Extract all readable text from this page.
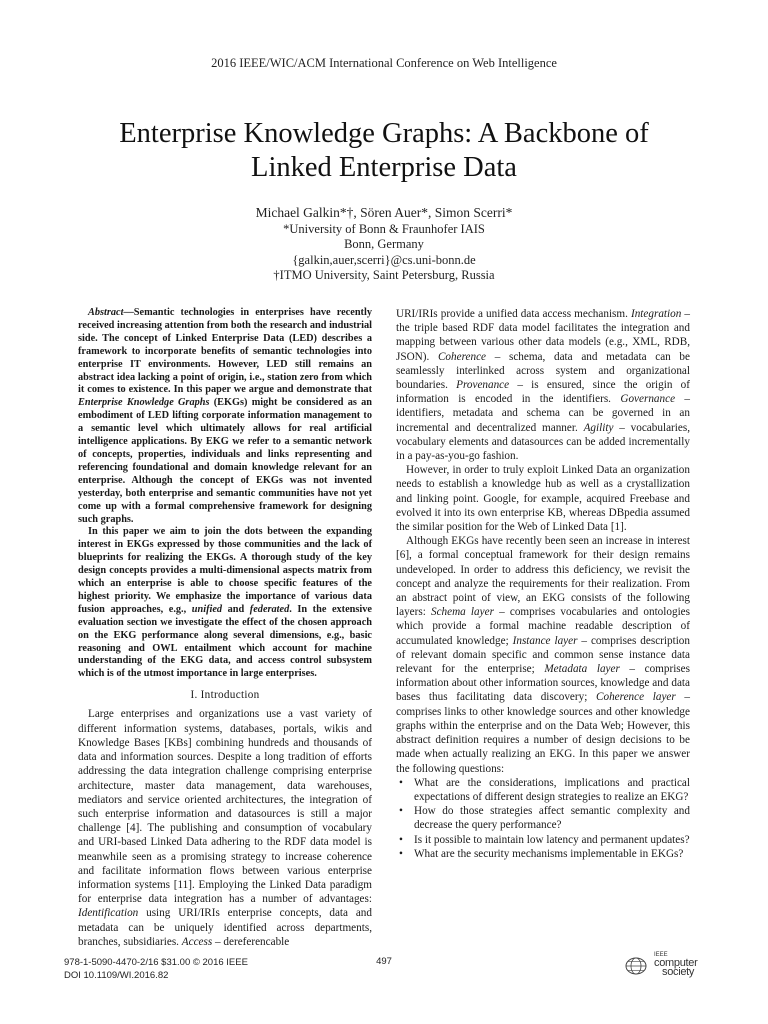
2016 IEEE/WIC/ACM International Conference on Web Intelligence
Enterprise Knowledge Graphs: A Backbone of
Linked Enterprise Data
Michael Galkin*†, Sören Auer*, Simon Scerri*
*University of Bonn & Fraunhofer IAIS
Bonn, Germany
{galkin,auer,scerri}@cs.uni-bonn.de
†ITMO University, Saint Petersburg, Russia

Abstract—Semantic technologies in enterprises have recently received increasing attention from both the research and industrial side. The concept of Linked Enterprise Data (LED) describes a framework to incorporate benefits of semantic technologies into enterprise IT environments. However, LED still remains an abstract idea lacking a point of origin, i.e., station zero from which it comes to existence. In this paper we argue and demonstrate that Enterprise Knowledge Graphs (EKGs) might be considered as an embodiment of LED lifting corporate information management to a semantic level which ultimately allows for real artificial intelligence applications. By EKG we refer to a semantic network of concepts, properties, individuals and links representing and referencing foundational and domain knowledge relevant for an enterprise. Although the concept of EKGs was not invented yesterday, both enterprise and semantic communities have not yet come up with a formal comprehensive framework for designing such graphs.

In this paper we aim to join the dots between the expanding interest in EKGs expressed by those communities and the lack of blueprints for realizing the EKGs. A thorough study of the key design concepts provides a multi-dimensional aspects matrix from which an enterprise is able to choose specific features of the highest priority. We emphasize the importance of various data fusion approaches, e.g., unified and federated. In the extensive evaluation section we investigate the effect of the chosen approach on the EKG performance along several dimensions, e.g., basic reasoning and OWL entailment which account for machine understanding of the EKG data, and access control subsystem which is of the utmost importance in large enterprises.

I. Introduction

Large enterprises and organizations use a vast variety of different information systems, databases, portals, wikis and Knowledge Bases [KBs] combining hundreds and thousands of data and information sources. Despite a long tradition of efforts addressing the data integration challenge comprising enterprise architecture, master data management, data warehouses, mediators and service oriented architectures, the integration of such enterprise information and datasources is still a major challenge [4]. The publishing and consumption of vocabulary and URI-based Linked Data adhering to the RDF data model is meanwhile seen as a promising strategy to increase coherence and facilitate information flows between various enterprise information systems [11]. Employing the Linked Data paradigm for enterprise data integration has a number of advantages: Identification using URI/IRIs enterprise concepts, data and metadata can be uniquely identified across departments, branches, subsidiaries. Access – dereferencable

URI/IRIs provide a unified data access mechanism. Integration – the triple based RDF data model facilitates the integration and mapping between various other data models (e.g., XML, RDB, JSON). Coherence – schema, data and metadata can be seamlessly interlinked across system and organizational boundaries. Provenance – is ensured, since the origin of information is encoded in the identifiers. Governance – identifiers, metadata and schema can be governed in an incremental and decentralized manner. Agility – vocabularies, vocabulary elements and datasources can be added incrementally in a pay-as-you-go fashion.

However, in order to truly exploit Linked Data an organization needs to establish a knowledge hub as well as a crystallization and linking point. Google, for example, acquired Freebase and evolved it into its own enterprise KB, whereas DBpedia assumed the similar position for the Web of Linked Data [1].

Although EKGs have recently been seen an increase in interest [6], a formal conceptual framework for their design remains undeveloped. In order to address this deficiency, we revisit the concept and analyze the requirements for their realization. From an abstract point of view, an EKG consists of the following layers: Schema layer – comprises vocabularies and ontologies which provide a formal machine readable description of accumulated knowledge; Instance layer – comprises description of relevant domain specific and common sense instance data relevant for the enterprise; Metadata layer – comprises information about other information sources, knowledge and data bases thus facilitating data discovery; Coherence layer – comprises links to other knowledge sources and other knowledge graphs within the enterprise and on the Data Web; However, this abstract definition requires a number of design decisions to be made when actually realizing an EKG. In this paper we answer the following questions:

• What are the considerations, implications and practical expectations of different design strategies to realize an EKG?
• How do those strategies affect semantic complexity and decrease the query performance?
• Is it possible to maintain low latency and permanent updates?
• What are the security mechanisms implementable in EKGs?
978-1-5090-4470-2/16 $31.00 © 2016 IEEE
DOI 10.1109/WI.2016.82
497
IEEE
computer
society
